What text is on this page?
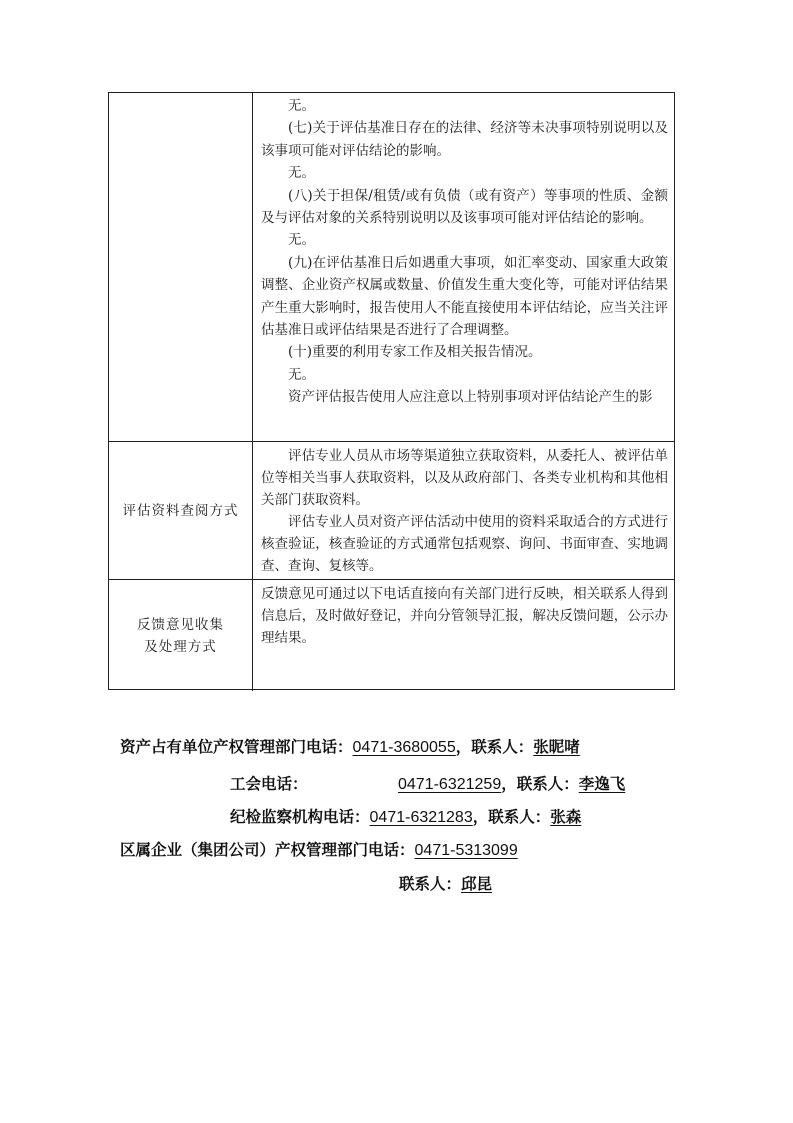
无。

(七)关于评估基准日存在的法律、经济等未决事项特别说明以及 该事项可能对评估结论的影响。

无。

(八)关于担保/租赁/或有负债（或有资产）等事项的性质、金额及与评估对象的关系特别说明以及该事项可能对评估结论的影响。

无。

(九)在评估基准日后如遇重大事项，如汇率变动、国家重大政策调整、企业资产权属或数量、价值发生重大变化等，可能对评估结果产生重大影响时，报告使用人不能直接使用本评估结论，应当关注评估基准日或评估结果是否进行了合理调整。

(十)重要的利用专家工作及相关报告情况。

无。

资产评估报告使用人应注意以上特别事项对评估结论产生的影

评估资料查阅方式

评估专业人员从市场等渠道独立获取资料，从委托人、被评估单位等相关当事人获取资料，以及从政府部门、各类专业机构和其他相关部门获取资料。

评估专业人员对资产评估活动中使用的资料采取适合的方式进行核查验证，核查验证的方式通常包括观察、询问、书面审查、实地调查、查询、复核等。

反馈意见收集
及处理方式

反馈意见可通过以下电话直接向有关部门进行反映，相关联系人得到信息后，及时做好登记，并向分管领导汇报，解决反馈问题，公示办理结果。

资产占有单位产权管理部门电话：0471-3680055，联系人：张昵啫
工会电话：	0471-6321259，联系人：李逸飞
纪检监察机构电话：0471-6321283，联系人：张森
区属企业（集团公司）产权管理部门电话：0471-5313099
联系人：邱昆
